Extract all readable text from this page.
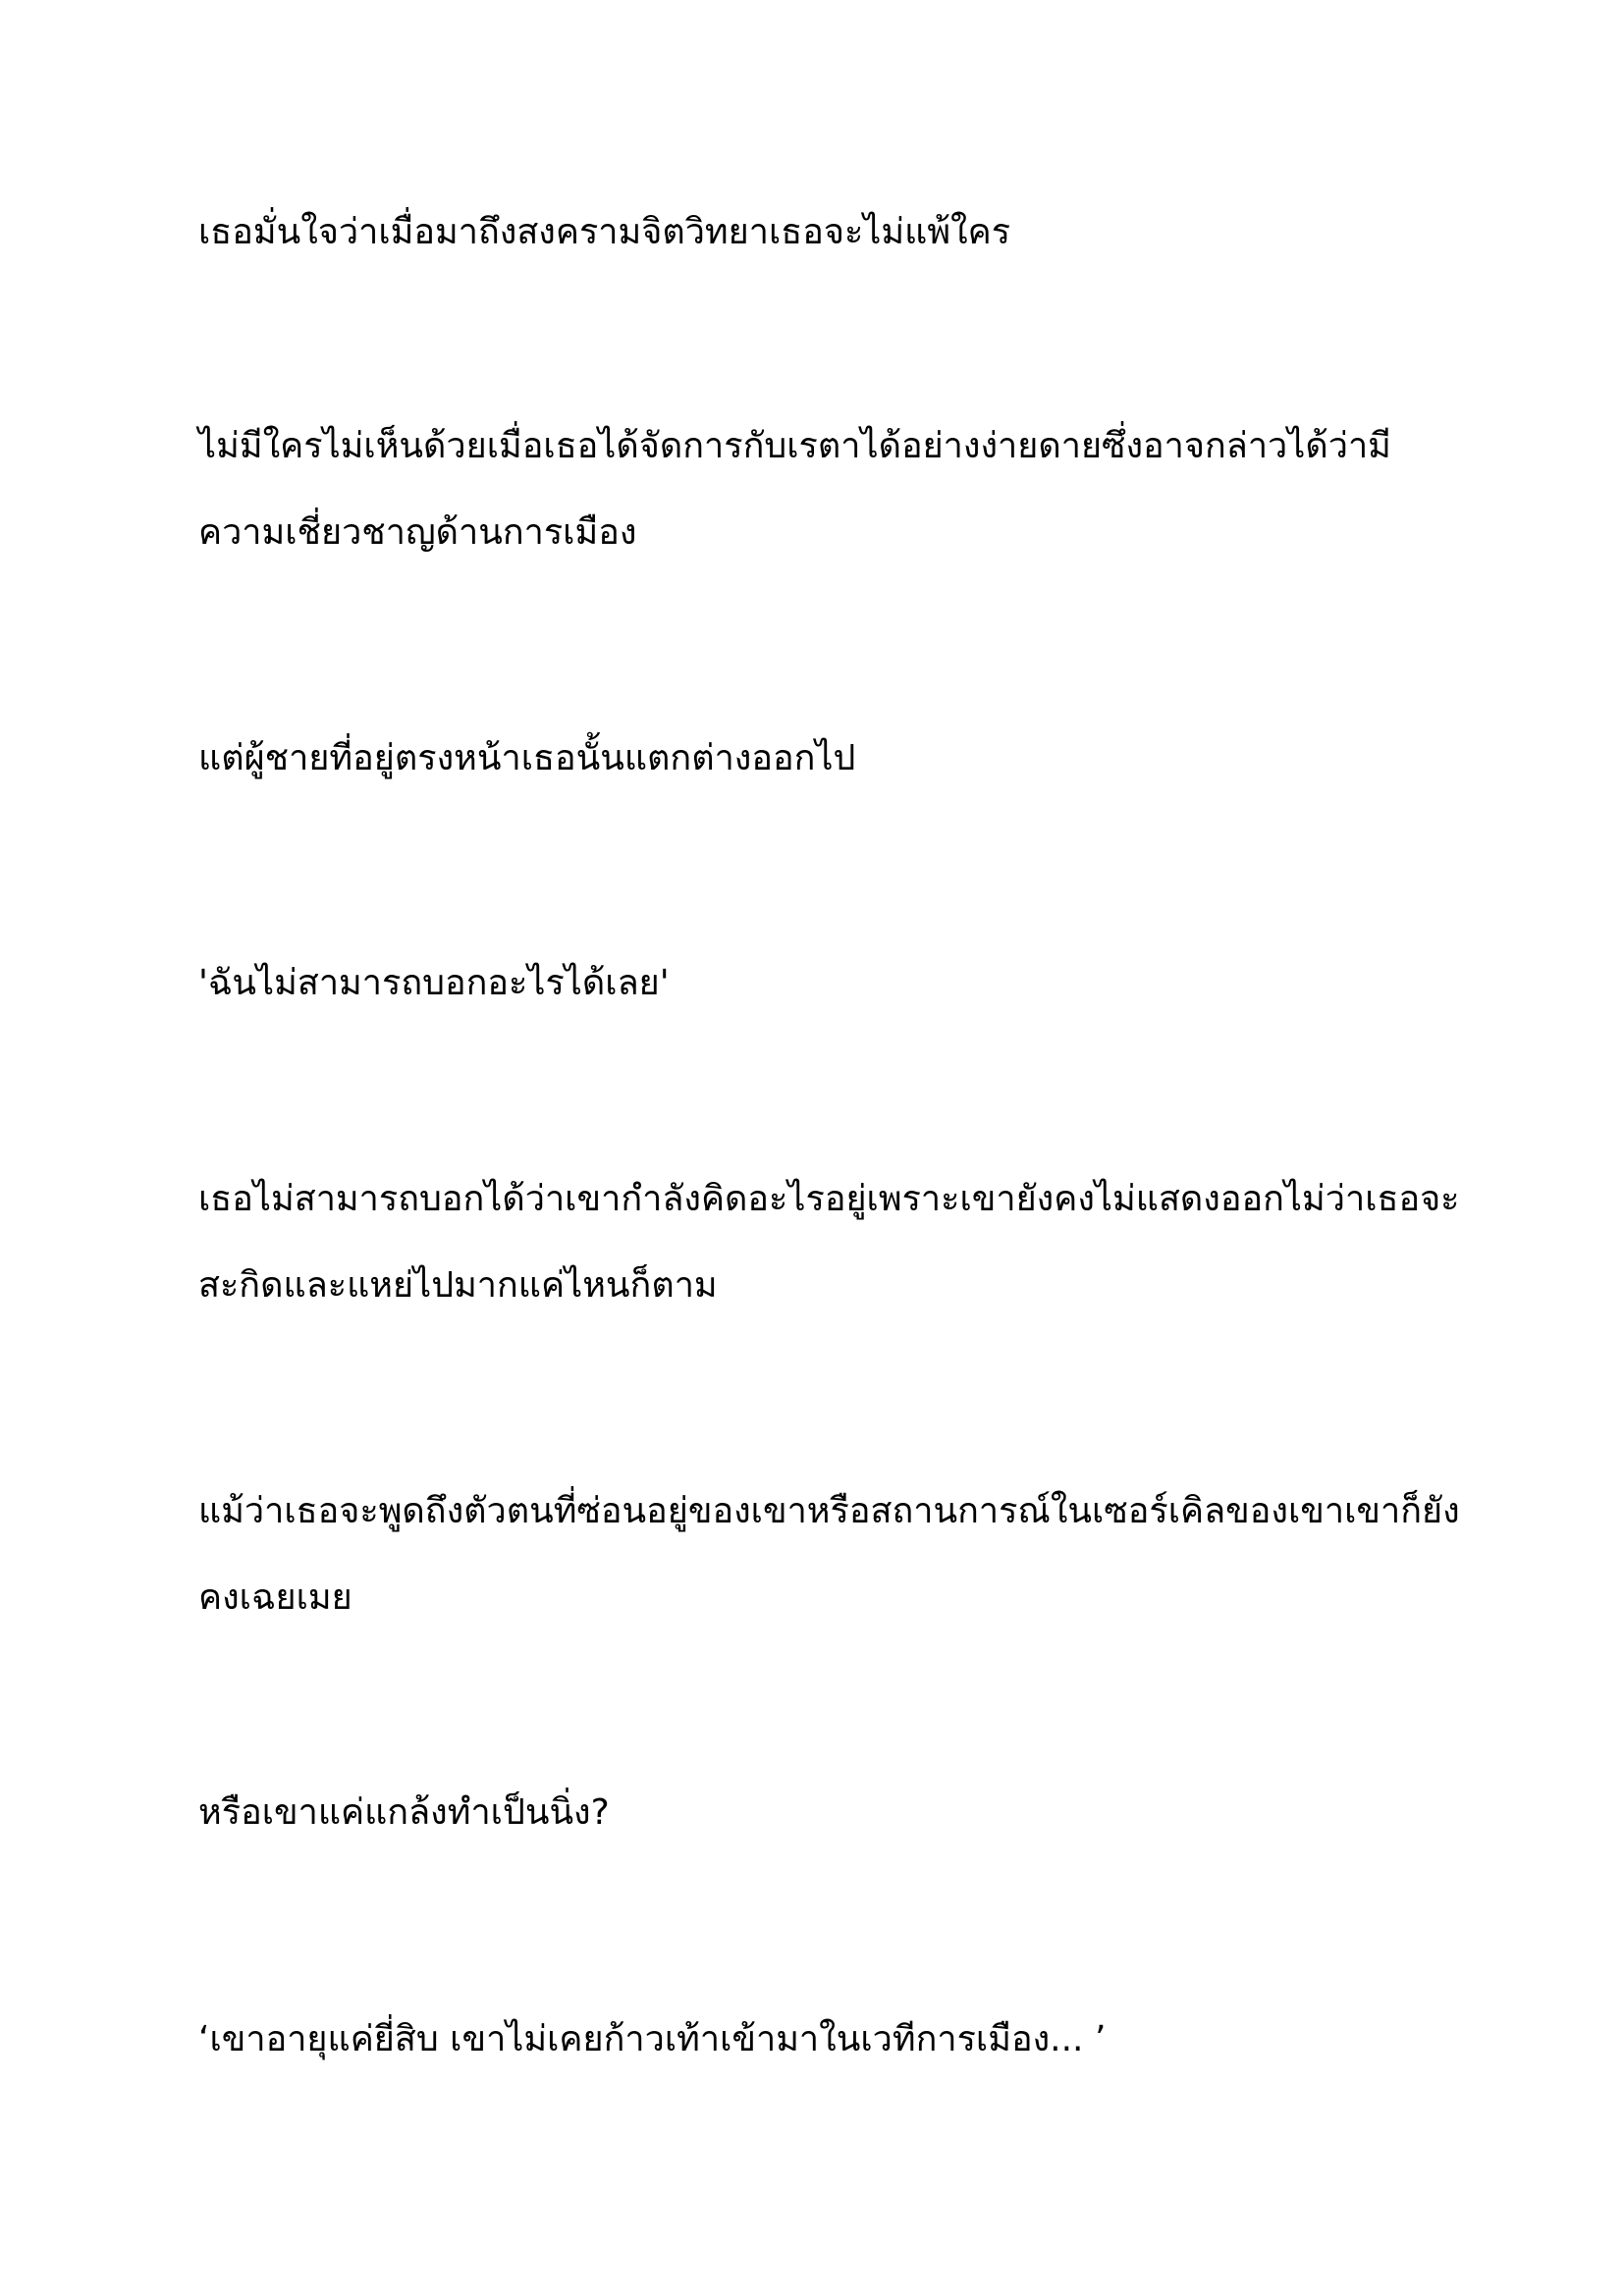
เธอมั่นใจว่าเมื่อมาถึงสงครามจิตวิทยาเธอจะไม่แพ้ใคร

ไม่มีใครไม่เห็นด้วยเมื่อเธอได้จัดการกับเรตาได้อย่างง่ายดายซึ่งอาจกล่าวได้ว่ามีความเชี่ยวชาญด้านการเมือง

แต่ผู้ชายที่อยู่ตรงหน้าเธอนั้นแตกต่างออกไป

'ฉันไม่สามารถบอกอะไรได้เลย'

เธอไม่สามารถบอกได้ว่าเขากำลังคิดอะไรอยู่เพราะเขายังคงไม่แสดงออกไม่ว่าเธอจะสะกิดและแหย่ไปมากแค่ไหนก็ตาม

แม้ว่าเธอจะพูดถึงตัวตนที่ซ่อนอยู่ของเขาหรือสถานการณ์ในเซอร์เคิลของเขาเขาก็ยังคงเฉยเมย

หรือเขาแค่แกล้งทำเป็นนิ่ง?

‘เขาอายุแค่ยี่สิบ เขาไม่เคยก้าวเท้าเข้ามาในเวทีการเมือง... ’
